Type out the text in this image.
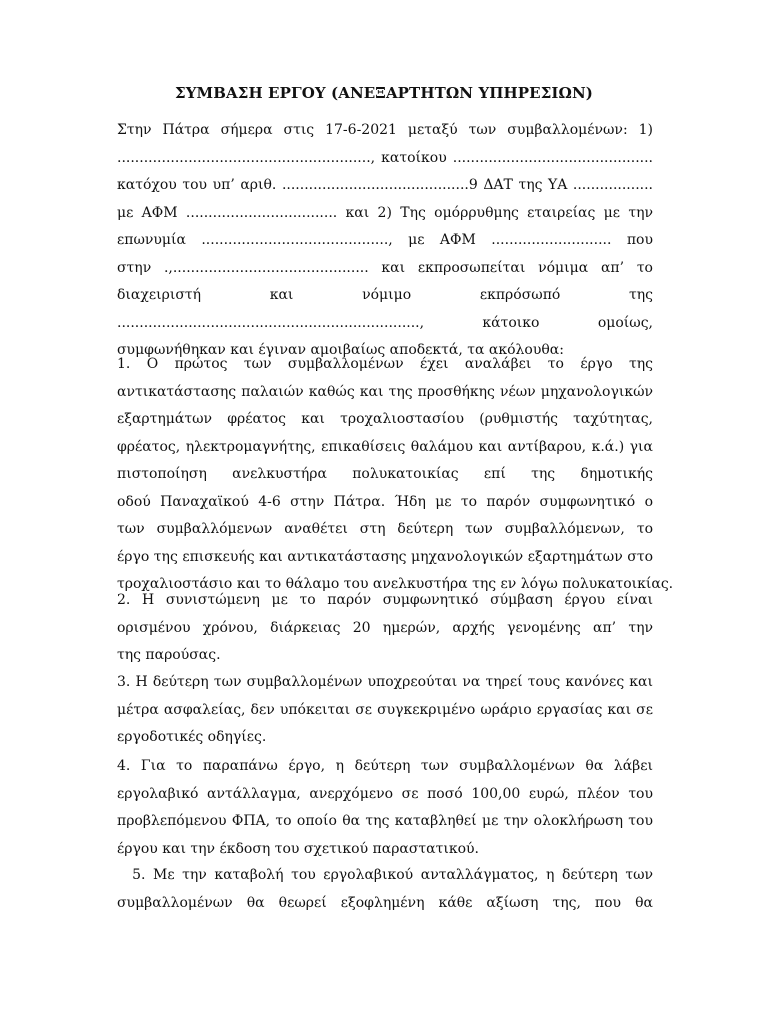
ΣΥΜΒΑΣΗ ΕΡΓΟΥ (ΑΝΕΞΑΡΤΗΤΩΝ ΥΠΗΡΕΣΙΩΝ)
Στην Πάτρα σήμερα στις 17-6-2021 μεταξύ των συμβαλλομένων: 1)
........................................................., κατοίκου .............................................
κατόχου του υπ’ αριθ. ..........................................9 ΔΑΤ της ΥΑ ..................
με ΑΦΜ .................................. και 2) Της ομόρρυθμης εταιρείας με την
επωνυμία .........................................., με ΑΦΜ ........................... που
στην .,............................................ και εκπροσωπείται νόμιμα απ’ το
διαχειριστή και νόμιμο εκπρόσωπό της
...................................................................., κάτοικο ομοίως,
συμφωνήθηκαν και έγιναν αμοιβαίως αποδεκτά, τα ακόλουθα:
1. Ο πρώτος των συμβαλλομένων έχει αναλάβει το έργο της
αντικατάστασης παλαιών καθώς και της προσθήκης νέων μηχανολογικών
εξαρτημάτων φρέατος και τροχαλιοστασίου (ρυθμιστής ταχύτητας,
φρέατος, ηλεκτρομαγνήτης, επικαθίσεις θαλάμου και αντίβαρου, κ.ά.) για
πιστοποίηση ανελκυστήρα πολυκατοικίας επί της δημοτικής
οδού Παναχαϊκού 4-6 στην Πάτρα. Ήδη με το παρόν συμφωνητικό ο
των συμβαλλόμενων αναθέτει στη δεύτερη των συμβαλλόμενων, το
έργο της επισκευής και αντικατάστασης μηχανολογικών εξαρτημάτων στο
τροχαλιοστάσιο και το θάλαμο του ανελκυστήρα της εν λόγω πολυκατοικίας.
2. Η συνιστώμενη με το παρόν συμφωνητικό σύμβαση έργου είναι
ορισμένου χρόνου, διάρκειας 20 ημερών, αρχής γενομένης απ’ την
της παρούσας.
3. Η δεύτερη των συμβαλλομένων υποχρεούται να τηρεί τους κανόνες και
μέτρα ασφαλείας, δεν υπόκειται σε συγκεκριμένο ωράριο εργασίας και σε
εργοδοτικές οδηγίες.
4. Για το παραπάνω έργο, η δεύτερη των συμβαλλομένων θα λάβει
εργολαβικό αντάλλαγμα, ανερχόμενο σε ποσό 100,00 ευρώ, πλέον του
προβλεπόμενου ΦΠΑ, το οποίο θα της καταβληθεί με την ολοκλήρωση του
έργου και την έκδοση του σχετικού παραστατικού.
5. Με την καταβολή του εργολαβικού ανταλλάγματος, η δεύτερη των
συμβαλλομένων θα θεωρεί εξοφλημένη κάθε αξίωση της, που θα
